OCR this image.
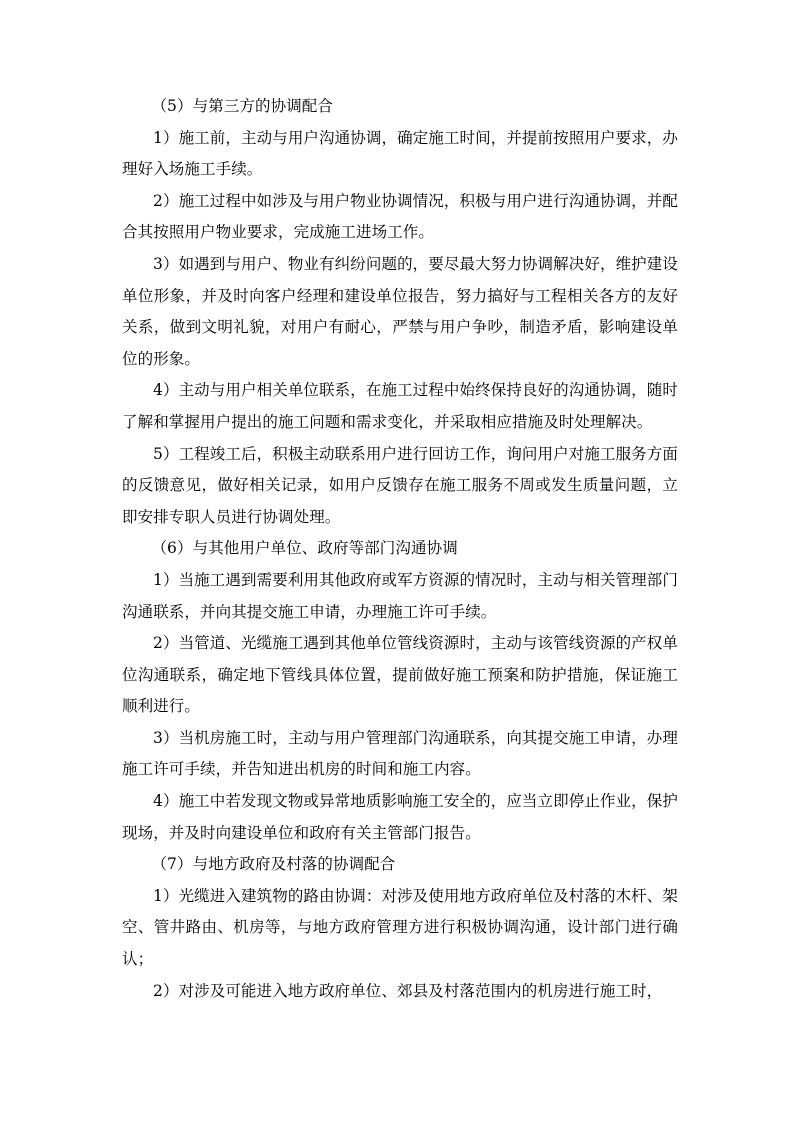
（5）与第三方的协调配合

1）施工前，主动与用户沟通协调，确定施工时间，并提前按照用户要求，办理好入场施工手续。

2）施工过程中如涉及与用户物业协调情况，积极与用户进行沟通协调，并配合其按照用户物业要求，完成施工进场工作。

3）如遇到与用户、物业有纠纷问题的，要尽最大努力协调解决好，维护建设单位形象，并及时向客户经理和建设单位报告，努力搞好与工程相关各方的友好关系，做到文明礼貌，对用户有耐心，严禁与用户争吵，制造矛盾，影响建设单位的形象。

4）主动与用户相关单位联系，在施工过程中始终保持良好的沟通协调，随时了解和掌握用户提出的施工问题和需求变化，并采取相应措施及时处理解决。

5）工程竣工后，积极主动联系用户进行回访工作，询问用户对施工服务方面的反馈意见，做好相关记录，如用户反馈存在施工服务不周或发生质量问题，立即安排专职人员进行协调处理。

（6）与其他用户单位、政府等部门沟通协调

1）当施工遇到需要利用其他政府或军方资源的情况时，主动与相关管理部门沟通联系，并向其提交施工申请，办理施工许可手续。

2）当管道、光缆施工遇到其他单位管线资源时，主动与该管线资源的产权单位沟通联系，确定地下管线具体位置，提前做好施工预案和防护措施，保证施工顺利进行。

3）当机房施工时，主动与用户管理部门沟通联系，向其提交施工申请，办理施工许可手续，并告知进出机房的时间和施工内容。

4）施工中若发现文物或异常地质影响施工安全的，应当立即停止作业，保护现场，并及时向建设单位和政府有关主管部门报告。

（7）与地方政府及村落的协调配合

1）光缆进入建筑物的路由协调：对涉及使用地方政府单位及村落的木杆、架空、管井路由、机房等，与地方政府管理方进行积极协调沟通，设计部门进行确认；

2）对涉及可能进入地方政府单位、郊县及村落范围内的机房进行施工时，
